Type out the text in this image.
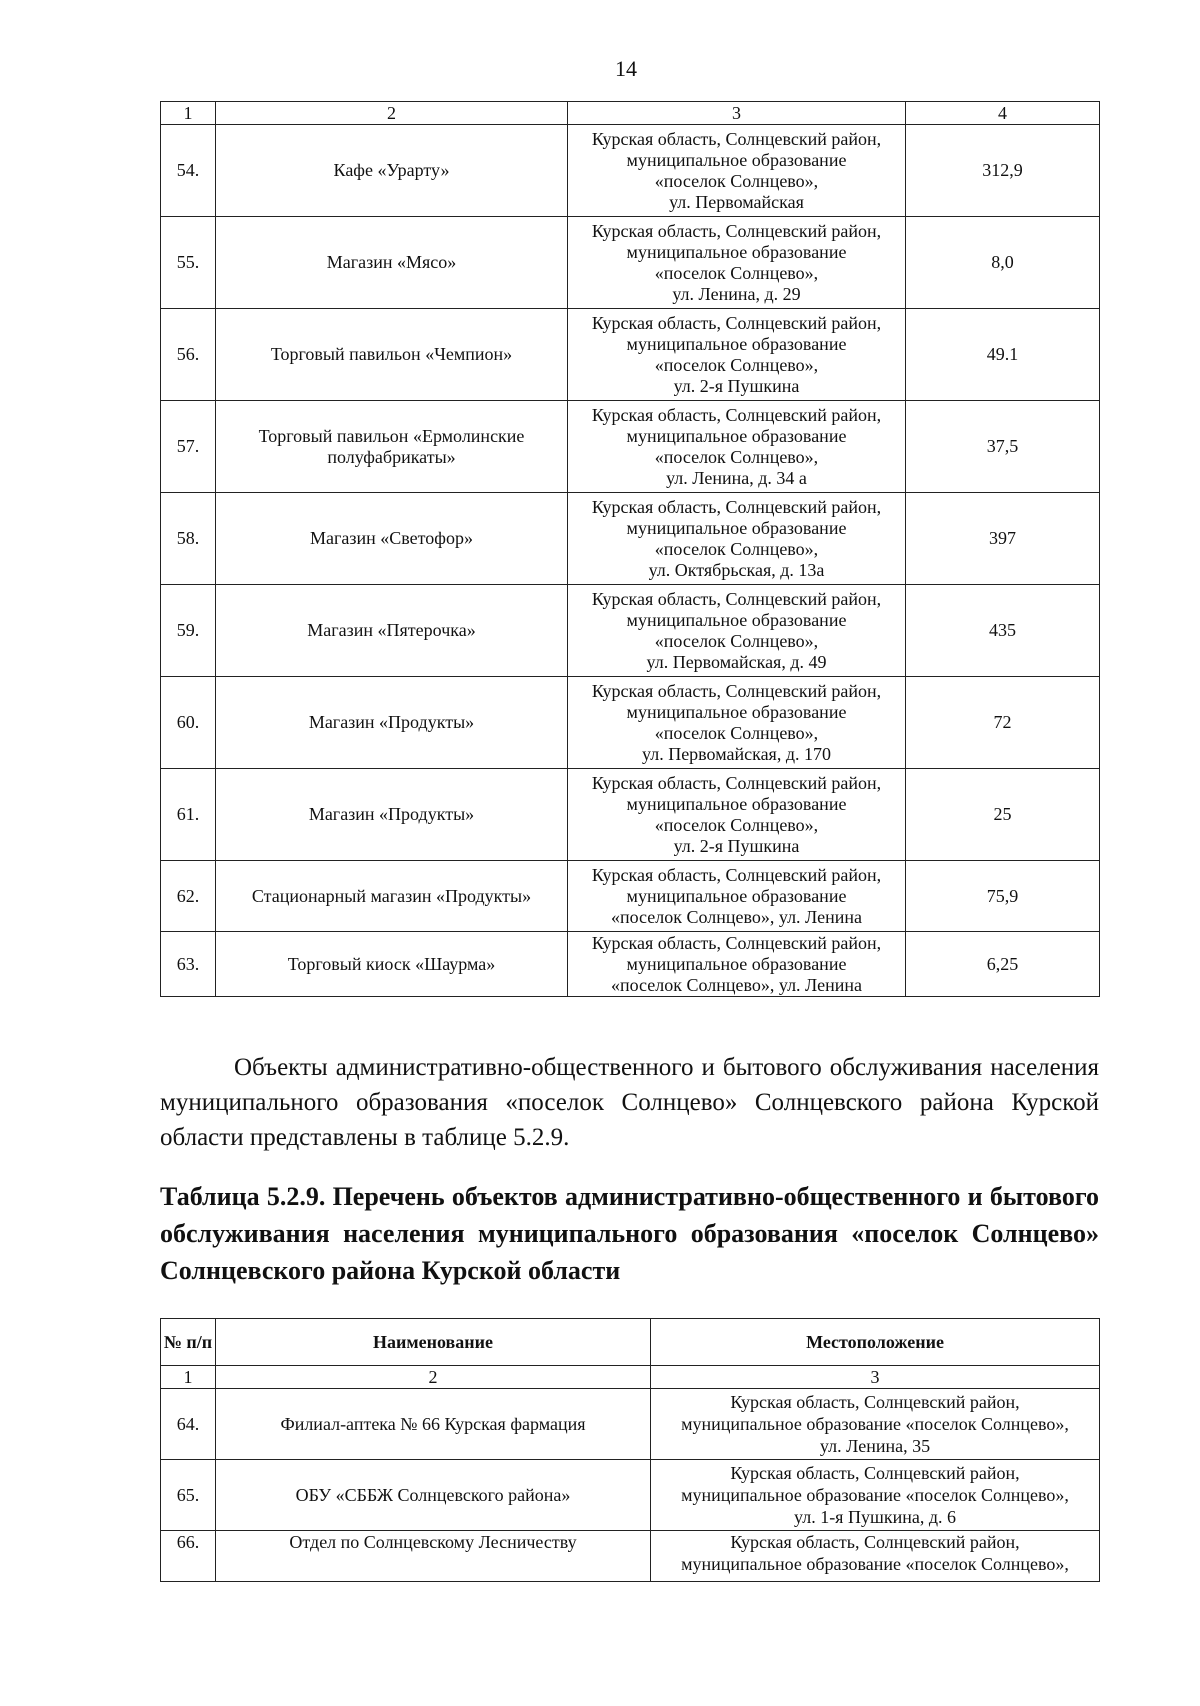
14
1	2	3	4
54.	Кафе «Урарту»	Курская область, Солнцевский район,
муниципальное образование
«поселок Солнцево»,
ул. Первомайская	312,9
55.	Магазин «Мясо»	Курская область, Солнцевский район,
муниципальное образование
«поселок Солнцево»,
ул. Ленина, д. 29	8,0
56.	Торговый павильон «Чемпион»	Курская область, Солнцевский район,
муниципальное образование
«поселок Солнцево»,
ул. 2-я Пушкина	49.1
57.	Торговый павильон «Ермолинские полуфабрикаты»	Курская область, Солнцевский район,
муниципальное образование
«поселок Солнцево»,
ул. Ленина, д. 34 а	37,5
58.	Магазин «Светофор»	Курская область, Солнцевский район,
муниципальное образование
«поселок Солнцево»,
ул. Октябрьская, д. 13а	397
59.	Магазин «Пятерочка»	Курская область, Солнцевский район,
муниципальное образование
«поселок Солнцево»,
ул. Первомайская, д. 49	435
60.	Магазин «Продукты»	Курская область, Солнцевский район,
муниципальное образование
«поселок Солнцево»,
ул. Первомайская, д. 170	72
61.	Магазин «Продукты»	Курская область, Солнцевский район,
муниципальное образование
«поселок Солнцево»,
ул. 2-я Пушкина	25
62.	Стационарный магазин «Продукты»	Курская область, Солнцевский район,
муниципальное образование
«поселок Солнцево», ул. Ленина	75,9
63.	Торговый киоск «Шаурма»	Курская область, Солнцевский район,
муниципальное образование
«поселок Солнцево», ул. Ленина	6,25
Объекты административно-общественного и бытового обслуживания населения муниципального образования «поселок Солнцево» Солнцевского района Курской области представлены в таблице 5.2.9.
Таблица 5.2.9. Перечень объектов административно-общественного и бытового обслуживания населения муниципального образования «поселок Солнцево» Солнцевского района Курской области
№ п/п	Наименование	Местоположение
1	2	3
64.	Филиал-аптека № 66 Курская фармация	Курская область, Солнцевский район,
муниципальное образование «поселок Солнцево»,
ул. Ленина, 35

65.	ОБУ «СББЖ Солнцевского района»	Курская область, Солнцевский район,
муниципальное образование «поселок Солнцево»,
ул. 1-я Пушкина, д. 6

66.	Отдел по Солнцевскому Лесничеству	Курская область, Солнцевский район,
муниципальное образование «поселок Солнцево»,
